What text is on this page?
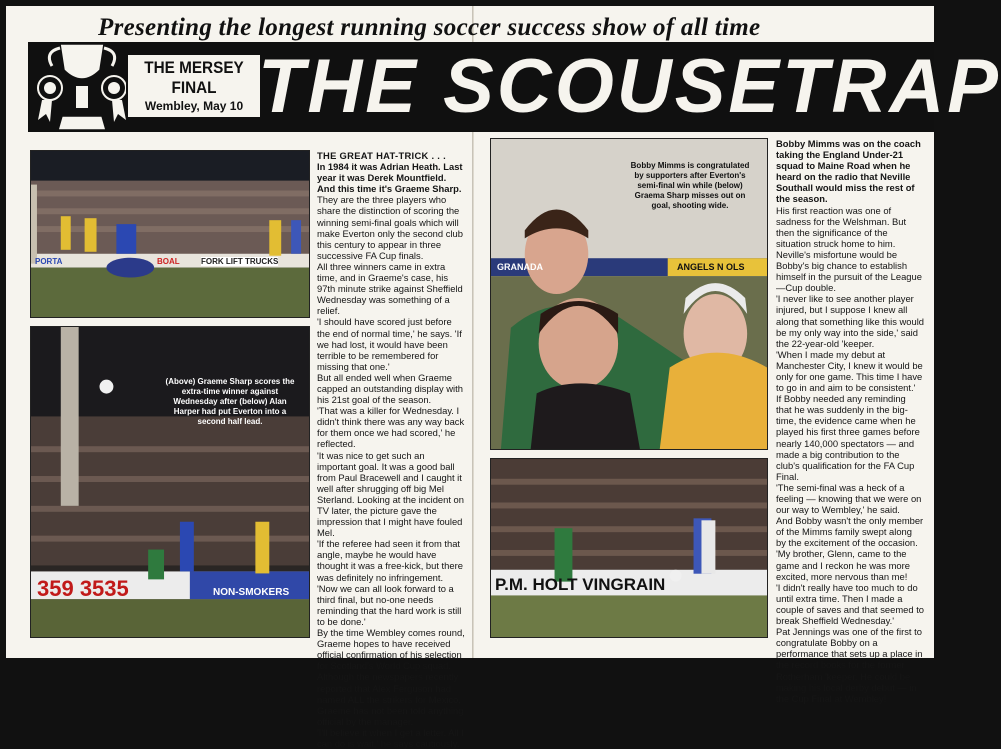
Presenting the longest running soccer success show of all time
THE MERSEY
FINAL
Wembley, May 10 THE SCOUSETRAP
PORTA	FORK LIFT TRUCKS
BOAL
(Above) Graeme Sharp scores the extra-time winner against Wednesday after (below) Alan Harper had put Everton into a second half lead.
359 3535	NON-SMOKERS

THE GREAT HAT-TRICK . . .

In 1984 it was Adrian Heath. Last year it was Derek Mountfield. And this time it's Graeme Sharp.

They are the three players who share the distinction of scoring the winning semi-final goals which will make Everton only the second club this century to appear in three successive FA Cup finals.

All three winners came in extra time, and in Graeme's case, his 97th minute strike against Sheffield Wednesday was something of a relief.

'I should have scored just before the end of normal time,' he says. 'If we had lost, it would have been terrible to be remembered for missing that one.'

But all ended well when Graeme capped an outstanding display with his 21st goal of the season.

'That was a killer for Wednesday. I didn't think there was any way back for them once we had scored,' he reflected.

'It was nice to get such an important goal. It was a good ball from Paul Bracewell and I caught it well after shrugging off big Mel Sterland. Looking at the incident on TV later, the picture gave the impression that I might have fouled Mel.

'If the referee had seen it from that angle, maybe he would have thought it was a free-kick, but there was definitely no infringement.

'Now we can all look forward to a third final, but no-one needs reminding that the hard work is still to be done.'

By the time Wembley comes round, Graeme hopes to have received official confirmation of his selection for Scotland's World Cup squad. Although the newspapers recently reported that Alex Ferguson had named ALL the strikers for Mexico, Graeme has not been told anything official by the manager.

'I'll believe it when I get a letter. All I can do is wait,' he says cautiously.

Bobby Mimms is congratulated by supporters after Everton's semi-final win while (below) Graema Sharp misses out on goal, shooting wide.
GRANADA	ANGELS N OLS
P.M. HOLT VINGRAIN

Bobby Mimms was on the coach taking the England Under-21 squad to Maine Road when he heard on the radio that Neville Southall would miss the rest of the season.

His first reaction was one of sadness for the Welshman. But then the significance of the situation struck home to him. Neville's misfortune would be Bobby's big chance to establish himself in the pursuit of the League—Cup double.

'I never like to see another player injured, but I suppose I knew all along that something like this would be my only way into the side,' said the 22-year-old 'keeper.

'When I made my debut at Manchester City, I knew it would be only for one game. This time I have to go in and aim to be consistent.'

If Bobby needed any reminding that he was suddenly in the big-time, the evidence came when he played his first three games before nearly 140,000 spectators — and made a big contribution to the club's qualification for the FA Cup Final.

'The semi-final was a heck of a feeling — knowing that we were on our way to Wembley,' he said.

And Bobby wasn't the only member of the Mimms family swept along by the excitement of the occasion. 'My brother, Glenn, came to the game and I reckon he was more excited, more nervous than me!

'I didn't really have too much to do until extra time. Then I made a couple of saves and that seemed to break Sheffield Wednesday.'

Pat Jennings was one of the first to congratulate Bobby on a performance that sets up a place in the record books for the former Rotherham 'keeper. He could be making his local derby debut — in the Cup Final at Wembley!
